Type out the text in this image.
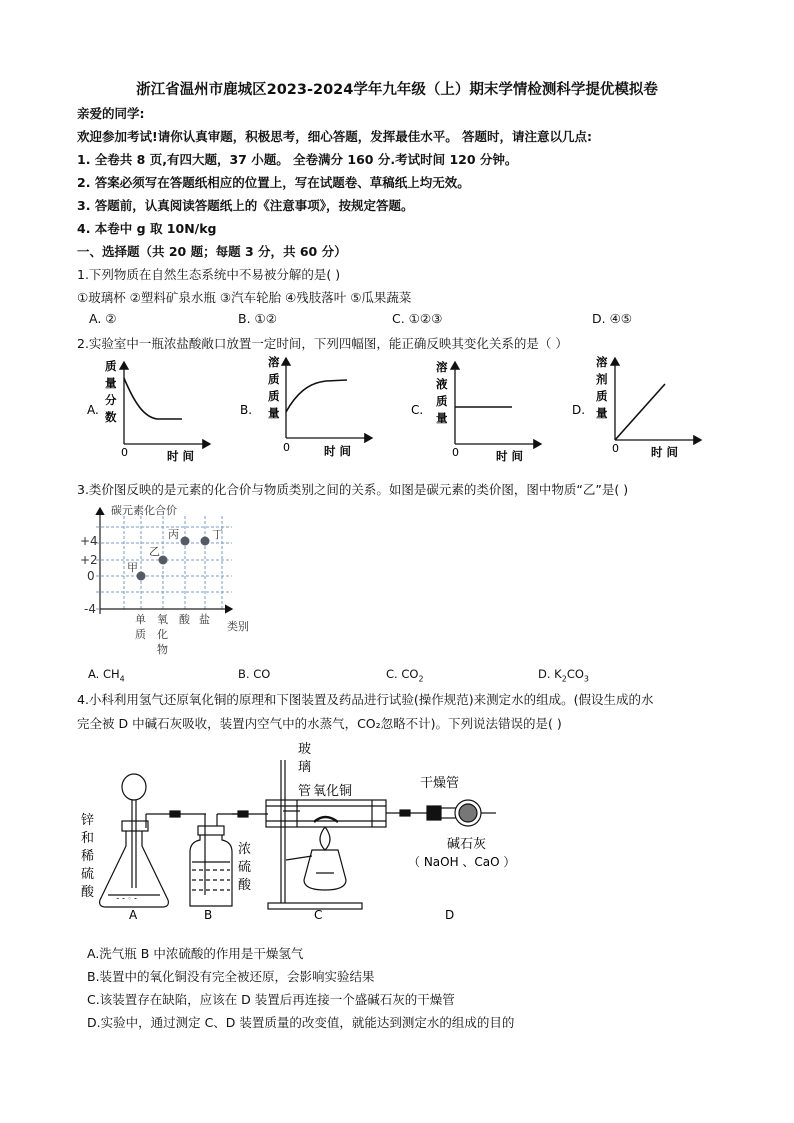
浙江省温州市鹿城区2023-2024学年九年级（上）期末学情检测科学提优模拟卷
亲爱的同学:
欢迎参加考试!请你认真审题，积极思考，细心答题，发挥最佳水平。 答题时，请注意以几点:
1. 全卷共 8 页,有四大题，37 小题。 全卷满分 160 分.考试时间 120 分钟。
2. 答案必须写在答题纸相应的位置上，写在试题卷、草稿纸上均无效。
3. 答题前，认真阅读答题纸上的《注意事项》，按规定答题。
4. 本卷中 g 取 10N/kg
一、选择题（共 20 题；每题 3 分，共 60 分）
1.下列物质在自然生态系统中不易被分解的是( )
①玻璃杯 ②塑料矿泉水瓶 ③汽车轮胎 ④残肢落叶 ⑤瓜果蔬菜
A. ②	B. ①②	C. ①②③	D. ④⑤
2.实验室中一瓶浓盐酸敞口放置一定时间，下列四幅图，能正确反映其变化关系的是（ ）
A.
质
量
分
数
0	时 间
B.
溶
质
质
量
0	时 间
C.
溶
液
质
量
0	时 间
D.
溶
剂
质
量
0	时 间
3.类价图反映的是元素的化合价与物质类别之间的关系。如图是碳元素的类价图，图中物质“乙”是( )
碳元素化合价
+4
+2
0
-4
甲
乙
丙	丁
单
质
氧
化
物
酸 盐
类别
A. $CH_4$	B. CO	C. $CO_2$	D. $K_2CO_3$
4.小科利用氢气还原氧化铜的原理和下图装置及药品进行试验(操作规范)来测定水的组成。(假设生成的水
完全被 D 中碱石灰吸收，装置内空气中的水蒸气，CO₂忽略不计)。下列说法错误的是( )
⁃ ⁃ ◦ ⁃
锌
和
稀
硫
酸
浓
硫
酸
玻
璃
管 氧化铜
干燥管
碱石灰
（ NaOH 、CaO ）
A	B	C	D
A.洗气瓶 B 中浓硫酸的作用是干燥氢气
B.装置中的氧化铜没有完全被还原，会影响实验结果
C.该装置存在缺陷，应该在 D 装置后再连接一个盛碱石灰的干燥管
D.实验中，通过测定 C、D 装置质量的改变值，就能达到测定水的组成的目的
